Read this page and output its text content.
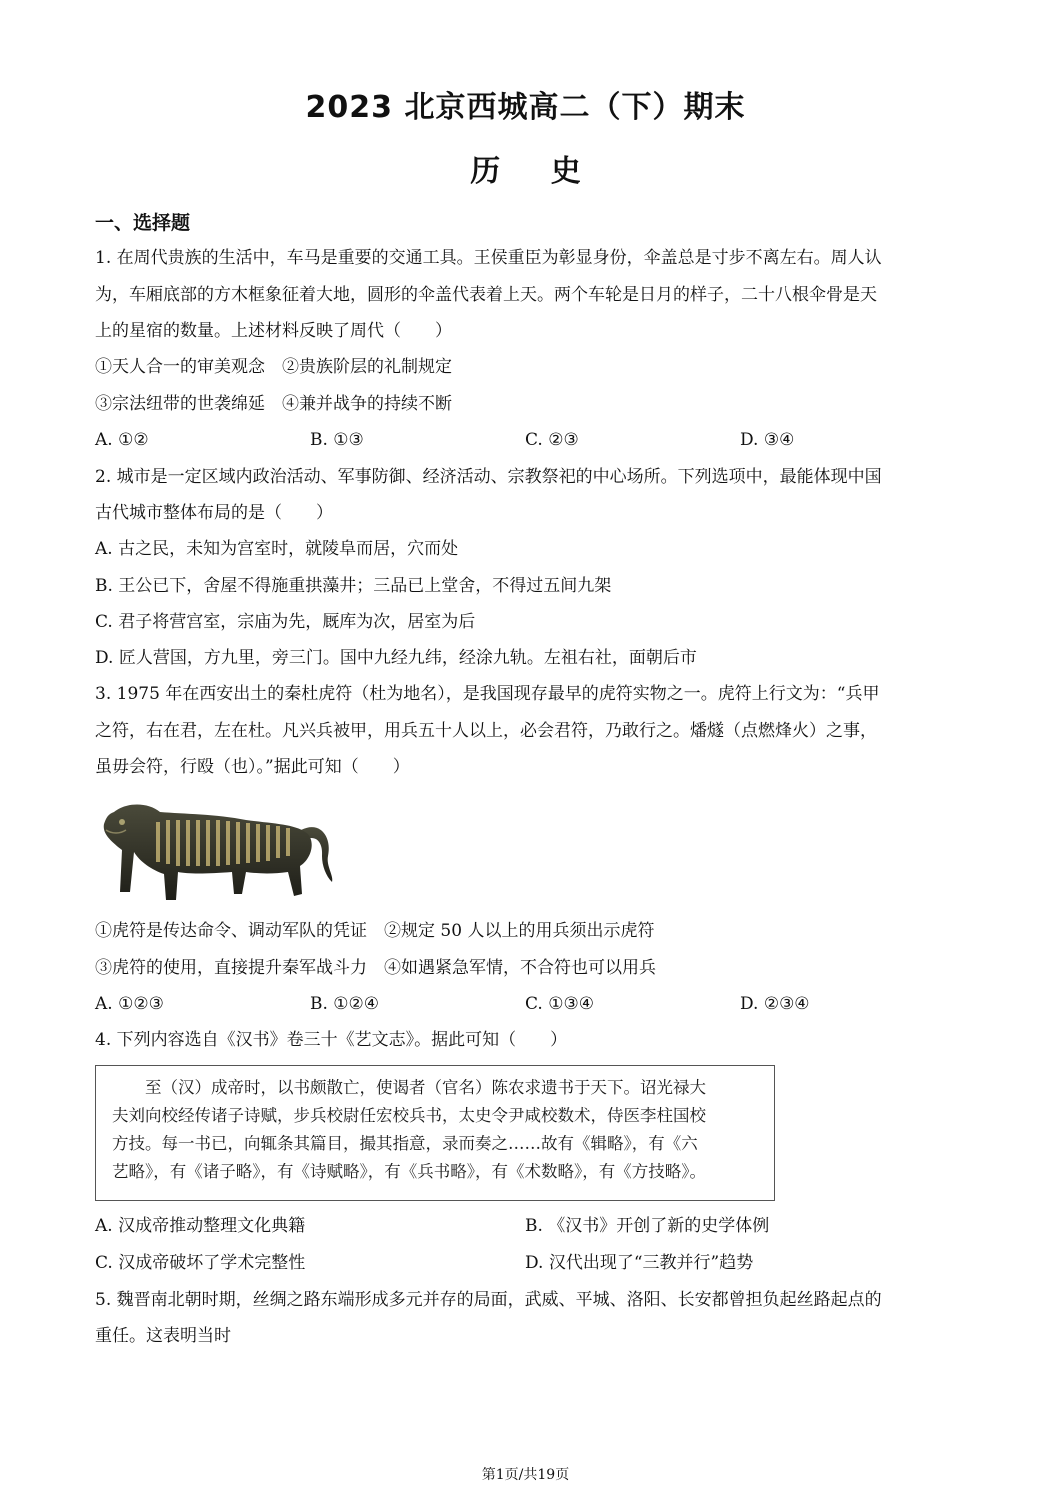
2023 北京西城高二（下）期末
历 史
一、选择题
1. 在周代贵族的生活中，车马是重要的交通工具。王侯重臣为彰显身份，伞盖总是寸步不离左右。周人认
为，车厢底部的方木框象征着大地，圆形的伞盖代表着上天。两个车轮是日月的样子，二十八根伞骨是天
上的星宿的数量。上述材料反映了周代（　　）
①天人合一的审美观念　②贵族阶层的礼制规定
③宗法纽带的世袭绵延　④兼并战争的持续不断
A. ①②	B. ①③	C. ②③	D. ③④
2. 城市是一定区域内政治活动、军事防御、经济活动、宗教祭祀的中心场所。下列选项中，最能体现中国
古代城市整体布局的是（　　）
A. 古之民，未知为宫室时，就陵阜而居，穴而处
B. 王公已下，舍屋不得施重拱藻井；三品已上堂舍，不得过五间九架
C. 君子将营宫室，宗庙为先，厩库为次，居室为后
D. 匠人营国，方九里，旁三门。国中九经九纬，经涂九轨。左祖右社，面朝后市
3. 1975 年在西安出土的秦杜虎符（杜为地名），是我国现存最早的虎符实物之一。虎符上行文为：“兵甲
之符，右在君，左在杜。凡兴兵被甲，用兵五十人以上，必会君符，乃敢行之。燔燧（点燃烽火）之事，
虽毋会符，行殴（也）。”据此可知（　　）
①虎符是传达命令、调动军队的凭证　②规定 50 人以上的用兵须出示虎符
③虎符的使用，直接提升秦军战斗力　④如遇紧急军情，不合符也可以用兵
A. ①②③	B. ①②④	C. ①③④	D. ②③④
4. 下列内容选自《汉书》卷三十《艺文志》。据此可知（　　）
　　至（汉）成帝时，以书颇散亡，使谒者（官名）陈农求遗书于天下。诏光禄大
夫刘向校经传诸子诗赋，步兵校尉任宏校兵书，太史令尹咸校数术，侍医李柱国校
方技。每一书已，向辄条其篇目，撮其指意，录而奏之……故有《辑略》，有《六
艺略》，有《诸子略》，有《诗赋略》，有《兵书略》，有《术数略》，有《方技略》。
A. 汉成帝推动整理文化典籍	B. 《汉书》开创了新的史学体例
C. 汉成帝破坏了学术完整性	D. 汉代出现了“三教并行”趋势
5. 魏晋南北朝时期，丝绸之路东端形成多元并存的局面，武威、平城、洛阳、长安都曾担负起丝路起点的
重任。这表明当时
第1页/共19页
